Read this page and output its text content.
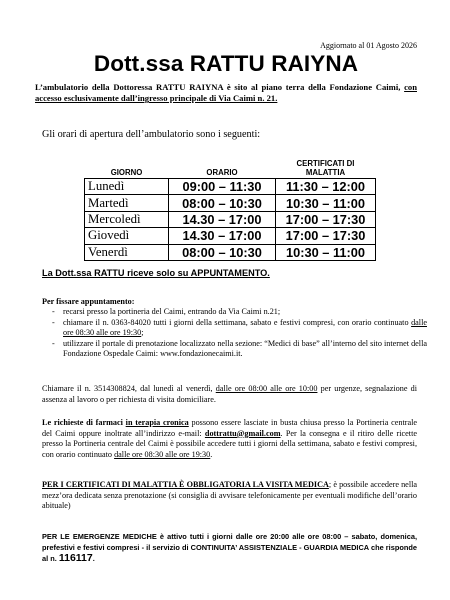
Aggiornato al 01 Agosto 2026
Dott.ssa RATTU RAIYNA
L’ambulatorio della Dottoressa RATTU RAIYNA è sito al piano terra della Fondazione Caimi, con accesso esclusivamente dall’ingresso principale di Via Caimi n. 21.
Gli orari di apertura dell’ambulatorio sono i seguenti:
GIORNO	ORARIO	CERTIFICATI DI MALATTIA
Lunedì	09:00 – 11:30	11:30 – 12:00
Martedì	08:00 – 10:30	10:30 – 11:00
Mercoledì	14.30 – 17:00	17:00 – 17:30
Giovedì	14.30 – 17:00	17:00 – 17:30
Venerdì	08:00 – 10:30	10:30 – 11:00
La Dott.ssa RATTU riceve solo su APPUNTAMENTO.
Per fissare appuntamento:
- recarsi presso la portineria del Caimi, entrando da Via Caimi n.21;
- chiamare il n. 0363-84020 tutti i giorni della settimana, sabato e festivi compresi, con orario continuato dalle ore 08:30 alle ore 19:30;
- utilizzare il portale di prenotazione localizzato nella sezione: “Medici di base” all’interno del sito internet della Fondazione Ospedale Caimi: www.fondazionecaimi.it.
Chiamare il n. 3514308824, dal lunedì al venerdì, dalle ore 08:00 alle ore 10:00 per urgenze, segnalazione di assenza al lavoro o per richiesta di visita domiciliare.
Le richieste di farmaci in terapia cronica possono essere lasciate in busta chiusa presso la Portineria centrale del Caimi oppure inoltrate all’indirizzo e-mail: dottrattu@gmail.com. Per la consegna e il ritiro delle ricette presso la Portineria centrale del Caimi è possibile accedere tutti i giorni della settimana, sabato e festivi compresi, con orario continuato dalle ore 08:30 alle ore 19:30.
PER I CERTIFICATI DI MALATTIA È OBBLIGATORIA LA VISITA MEDICA; è possibile accedere nella mezz’ora dedicata senza prenotazione (si consiglia di avvisare telefonicamente per eventuali modifiche dell’orario abituale)
PER LE EMERGENZE MEDICHE è attivo tutti i giorni dalle ore 20:00 alle ore 08:00 – sabato, domenica, prefestivi e festivi compresi - il servizio di CONTINUITA’ ASSISTENZIALE - GUARDIA MEDICA che risponde al n. 116117.
